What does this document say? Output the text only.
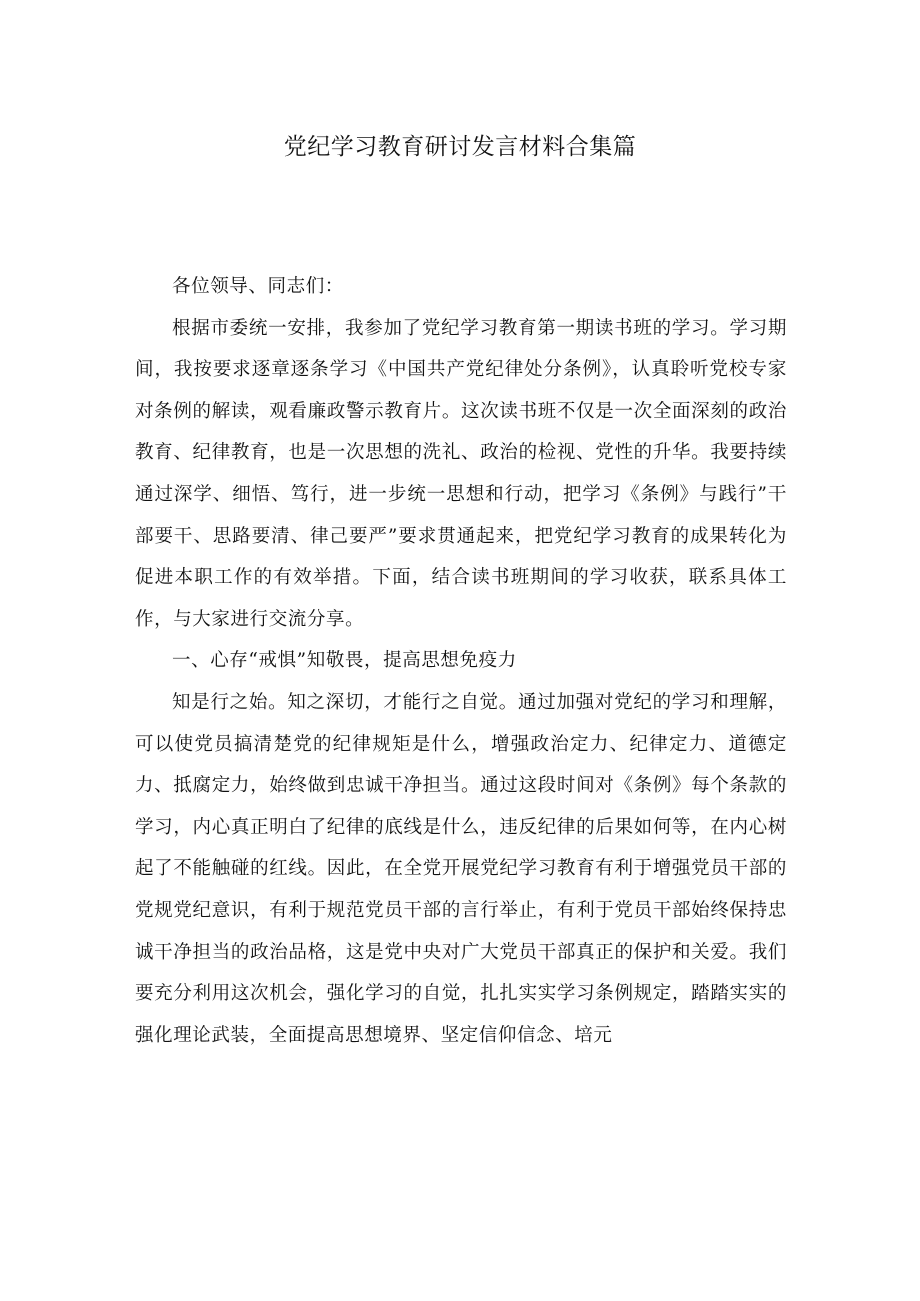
党纪学习教育研讨发言材料合集篇

各位领导、同志们：

根据市委统一安排，我参加了党纪学习教育第一期读书班的学习。学习期间，我按要求逐章逐条学习《中国共产党纪律处分条例》，认真聆听党校专家对条例的解读，观看廉政警示教育片。这次读书班不仅是一次全面深刻的政治教育、纪律教育，也是一次思想的洗礼、政治的检视、党性的升华。我要持续通过深学、细悟、笃行，进一步统一思想和行动，把学习《条例》与践行”干部要干、思路要清、律己要严”要求贯通起来，把党纪学习教育的成果转化为促进本职工作的有效举措。下面，结合读书班期间的学习收获，联系具体工作，与大家进行交流分享。

一、心存“戒惧”知敬畏，提高思想免疫力

知是行之始。知之深切，才能行之自觉。通过加强对党纪的学习和理解，可以使党员搞清楚党的纪律规矩是什么，增强政治定力、纪律定力、道德定力、抵腐定力，始终做到忠诚干净担当。通过这段时间对《条例》每个条款的学习，内心真正明白了纪律的底线是什么，违反纪律的后果如何等，在内心树起了不能触碰的红线。因此，在全党开展党纪学习教育有利于增强党员干部的党规党纪意识，有利于规范党员干部的言行举止，有利于党员干部始终保持忠诚干净担当的政治品格，这是党中央对广大党员干部真正的保护和关爱。我们要充分利用这次机会，强化学习的自觉，扎扎实实学习条例规定，踏踏实实的强化理论武装，全面提高思想境界、坚定信仰信念、培元
